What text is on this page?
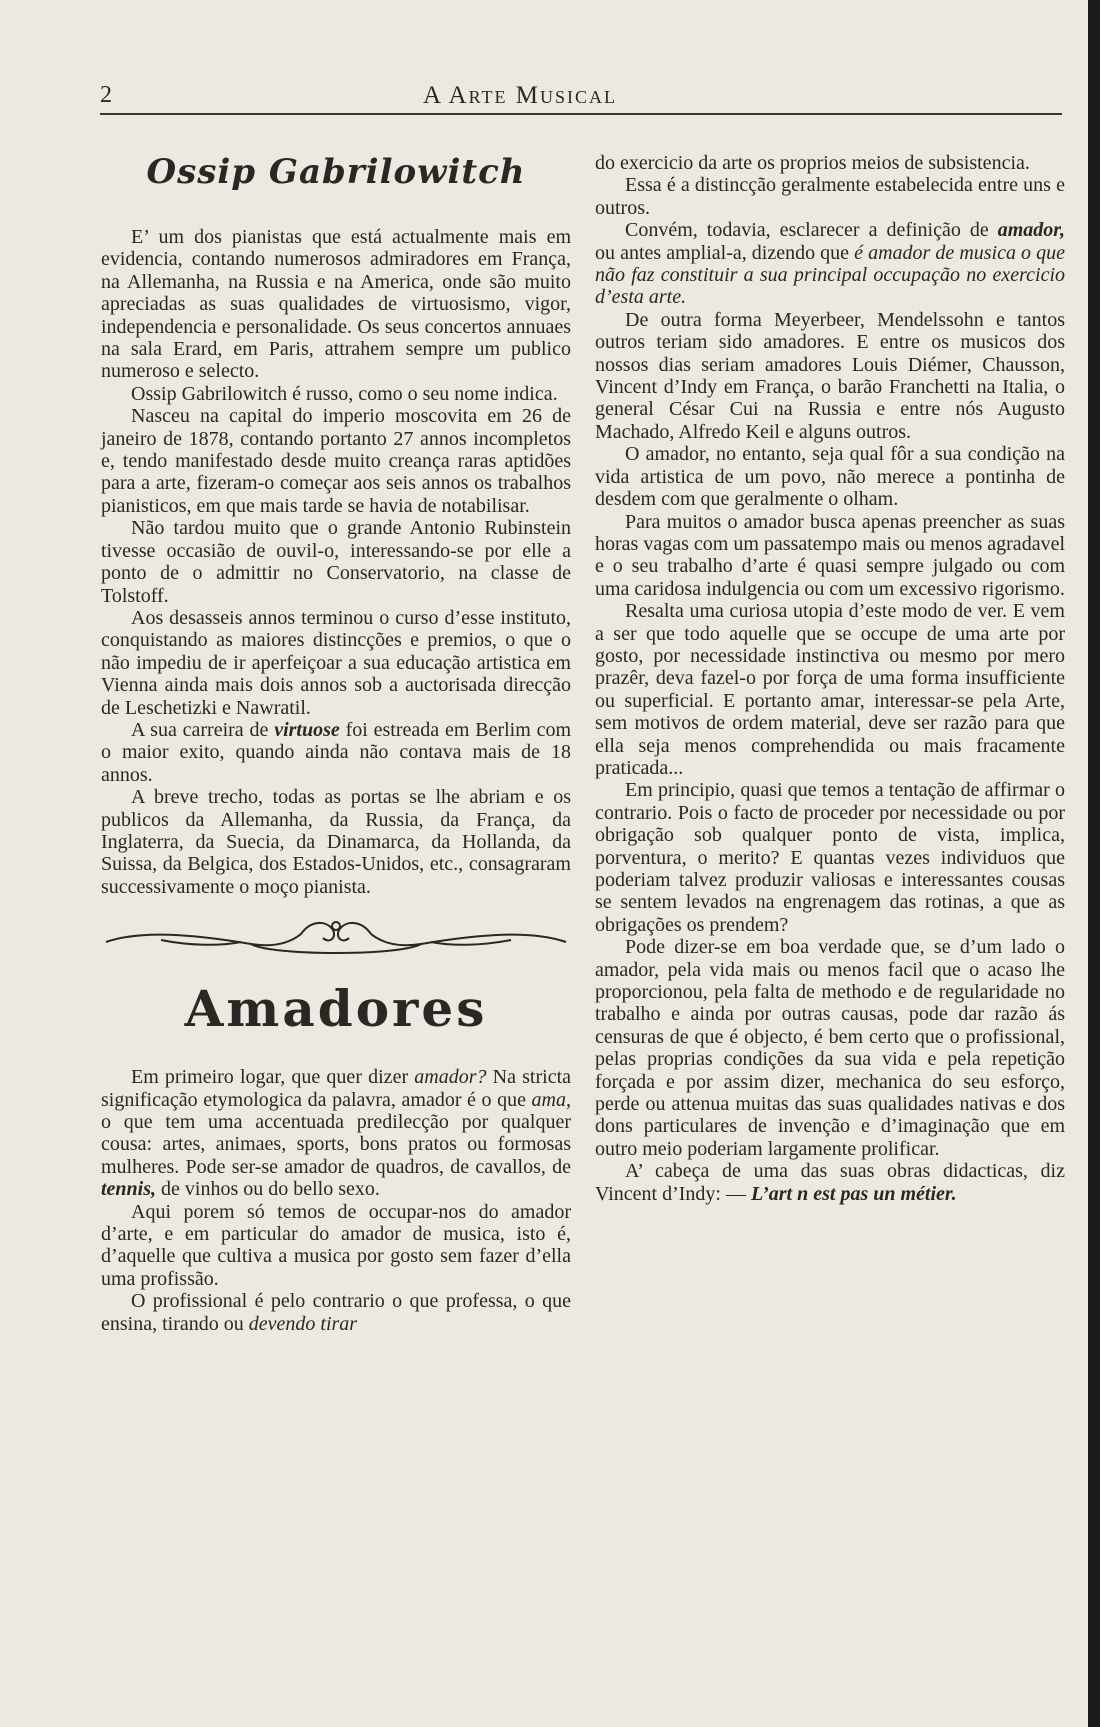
2	A Arte Musical
Ossip Gabrilowitch

E’ um dos pianistas que está actualmente mais em evidencia, contando numerosos admiradores em França, na Allemanha, na Russia e na America, onde são muito apreciadas as suas qualidades de virtuosismo, vigor, independencia e personalidade. Os seus concertos annuaes na sala Erard, em Paris, attrahem sempre um publico numeroso e selecto.

Ossip Gabrilowitch é russo, como o seu nome indica.

Nasceu na capital do imperio moscovita em 26 de janeiro de 1878, contando portanto 27 annos incompletos e, tendo manifestado desde muito creança raras aptidões para a arte, fizeram-o começar aos seis annos os trabalhos pianisticos, em que mais tarde se havia de notabilisar.

Não tardou muito que o grande Antonio Rubinstein tivesse occasião de ouvil-o, interessando-se por elle a ponto de o admittir no Conservatorio, na classe de Tolstoff.

Aos desasseis annos terminou o curso d’esse instituto, conquistando as maiores distincções e premios, o que o não impediu de ir aperfeiçoar a sua educação artistica em Vienna ainda mais dois annos sob a auctorisada direcção de Leschetizki e Nawratil.

A sua carreira de virtuose foi estreada em Berlim com o maior exito, quando ainda não contava mais de 18 annos.

A breve trecho, todas as portas se lhe abriam e os publicos da Allemanha, da Russia, da França, da Inglaterra, da Suecia, da Dinamarca, da Hollanda, da Suissa, da Belgica, dos Estados-Unidos, etc., consagraram successivamente o moço pianista.

Amadores

Em primeiro logar, que quer dizer amador? Na stricta significação etymologica da palavra, amador é o que ama, o que tem uma accentuada predilecção por qualquer cousa: artes, animaes, sports, bons pratos ou formosas mulheres. Pode ser-se amador de quadros, de cavallos, de tennis, de vinhos ou do bello sexo.

Aqui porem só temos de occupar-nos do amador d’arte, e em particular do amador de musica, isto é, d’aquelle que cultiva a musica por gosto sem fazer d’ella uma profissão.

O profissional é pelo contrario o que professa, o que ensina, tirando ou devendo tirar

do exercicio da arte os proprios meios de subsistencia.

Essa é a distincção geralmente estabelecida entre uns e outros.

Convém, todavia, esclarecer a definição de amador, ou antes amplial-a, dizendo que é amador de musica o que não faz constituir a sua principal occupação no exercicio d’esta arte.

De outra forma Meyerbeer, Mendelssohn e tantos outros teriam sido amadores. E entre os musicos dos nossos dias seriam amadores Louis Diémer, Chausson, Vincent d’Indy em França, o barão Franchetti na Italia, o general César Cui na Russia e entre nós Augusto Machado, Alfredo Keil e alguns outros.

O amador, no entanto, seja qual fôr a sua condição na vida artistica de um povo, não merece a pontinha de desdem com que geralmente o olham.

Para muitos o amador busca apenas preencher as suas horas vagas com um passatempo mais ou menos agradavel e o seu trabalho d’arte é quasi sempre julgado ou com uma caridosa indulgencia ou com um excessivo rigorismo.

Resalta uma curiosa utopia d’este modo de ver. E vem a ser que todo aquelle que se occupe de uma arte por gosto, por necessidade instinctiva ou mesmo por mero prazêr, deva fazel-o por força de uma forma insufficiente ou superficial. E portanto amar, interessar-se pela Arte, sem motivos de ordem material, deve ser razão para que ella seja menos comprehendida ou mais fracamente praticada...

Em principio, quasi que temos a tentação de affirmar o contrario. Pois o facto de proceder por necessidade ou por obrigação sob qualquer ponto de vista, implica, porventura, o merito? E quantas vezes individuos que poderiam talvez produzir valiosas e interessantes cousas se sentem levados na engrenagem das rotinas, a que as obrigações os prendem?

Pode dizer-se em boa verdade que, se d’um lado o amador, pela vida mais ou menos facil que o acaso lhe proporcionou, pela falta de methodo e de regularidade no trabalho e ainda por outras causas, pode dar razão ás censuras de que é objecto, é bem certo que o profissional, pelas proprias condições da sua vida e pela repetição forçada e por assim dizer, mechanica do seu esforço, perde ou attenua muitas das suas qualidades nativas e dos dons particulares de invenção e d’imaginação que em outro meio poderiam largamente prolificar.

A’ cabeça de uma das suas obras didacticas, diz Vincent d’Indy: — L’art n est pas un métier.
